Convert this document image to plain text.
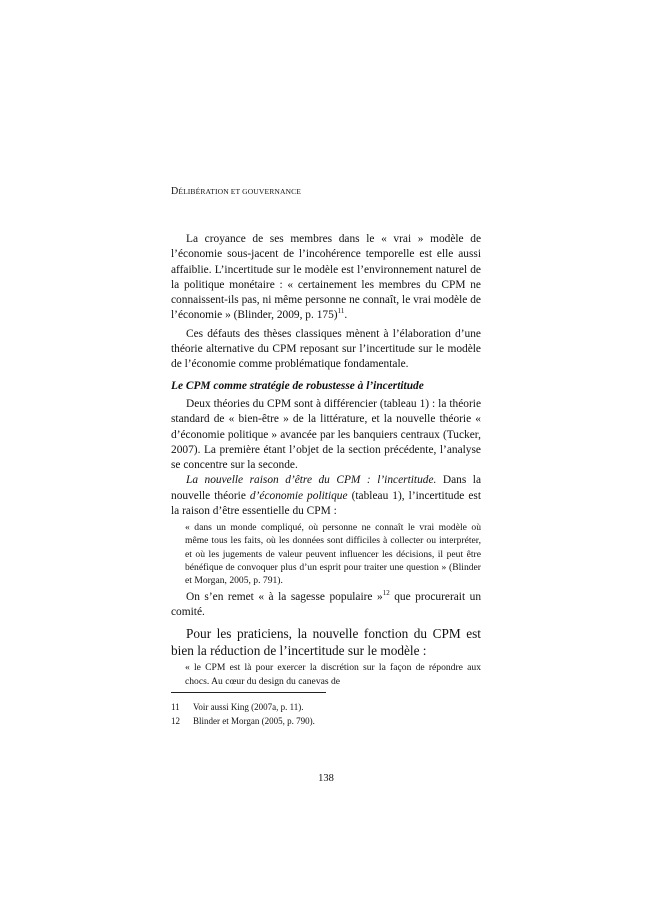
DÉLIBÉRATION ET GOUVERNANCE

La croyance de ses membres dans le « vrai » modèle de l’économie sous-jacent de l’incohérence temporelle est elle aussi affaiblie. L’incertitude sur le modèle est l’environnement naturel de la politique monétaire : « certainement les membres du CPM ne connaissent-ils pas, ni même personne ne connaît, le vrai modèle de l’économie » (Blinder, 2009, p. 175)$^{11}$.

Ces défauts des thèses classiques mènent à l’élaboration d’une théorie alternative du CPM reposant sur l’incertitude sur le modèle de l’économie comme problématique fondamentale.

Le CPM comme stratégie de robustesse à l’incertitude

Deux théories du CPM sont à différencier (tableau 1) : la théorie standard de « bien-être » de la littérature, et la nouvelle théorie « d’économie politique » avancée par les banquiers centraux (Tucker, 2007). La première étant l’objet de la section précédente, l’analyse se concentre sur la seconde.

La nouvelle raison d’être du CPM : l’incertitude. Dans la nouvelle théorie d’économie politique (tableau 1), l’incertitude est la raison d’être essentielle du CPM :

« dans un monde compliqué, où personne ne connaît le vrai modèle où même tous les faits, où les données sont difficiles à collecter ou interpréter, et où les jugements de valeur peuvent influencer les décisions, il peut être bénéfique de convoquer plus d’un esprit pour traiter une question » (Blinder et Morgan, 2005, p. 791).

On s’en remet « à la sagesse populaire »$^{12}$ que procurerait un comité.

Pour les praticiens, la nouvelle fonction du CPM est bien la réduction de l’incertitude sur le modèle :

« le CPM est là pour exercer la discrétion sur la façon de répondre aux chocs. Au cœur du design du canevas de
11	Voir aussi King (2007a, p. 11).
12	Blinder et Morgan (2005, p. 790).
138
